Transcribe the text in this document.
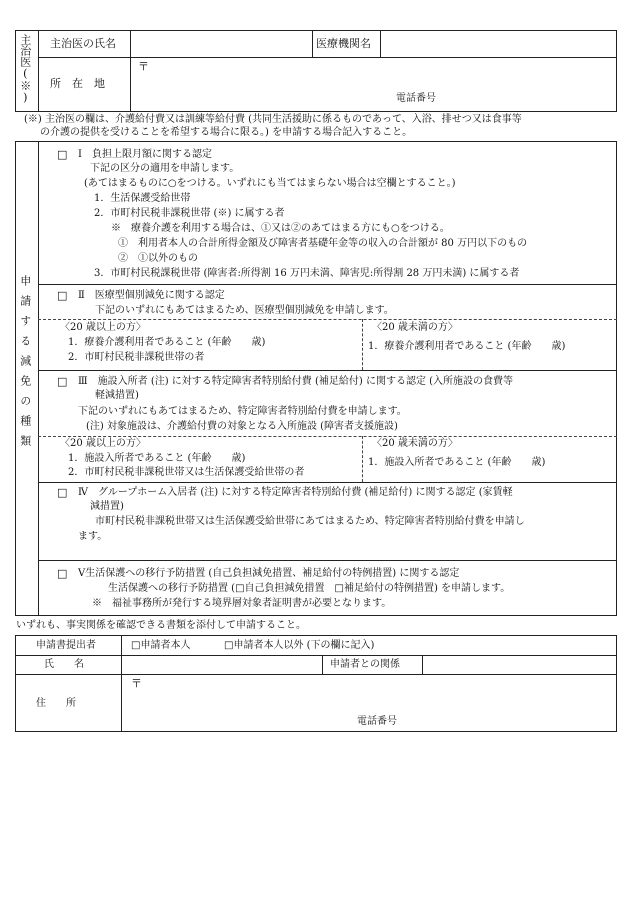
主治医(※) 主治医の氏名	医療機関名
所　在　地
〒
電話番号
(※) 主治医の欄は、介護給付費又は訓練等給付費 (共同生活援助に係るものであって、入浴、排せつ又は食事等
の介護の提供を受けることを希望する場合に限る。) を申請する場合記入すること。
申請する減免の種類
□ Ⅰ　負担上限月額に関する認定
下記の区分の適用を申請します。
(あてはまるものに○をつける。いずれにも当てはまらない場合は空欄とすること。)
1．生活保護受給世帯
2．市町村民税非課税世帯 (※) に属する者
※　療養介護を利用する場合は、①又は②のあてはまる方にも○をつける。
①　利用者本人の合計所得金額及び障害者基礎年金等の収入の合計額が 80 万円以下のもの
②　①以外のもの
3．市町村民税課税世帯 (障害者:所得割 16 万円未満、障害児:所得割 28 万円未満) に属する者
□ Ⅱ　医療型個別減免に関する認定
下記のいずれにもあてはまるため、医療型個別減免を申請します。
〈20 歳以上の方〉
1．療養介護利用者であること (年齢　　歳)
2．市町村民税非課税世帯の者
〈20 歳未満の方〉
1．療養介護利用者であること (年齢　　歳)
□ Ⅲ　施設入所者 (注) に対する特定障害者特別給付費 (補足給付) に関する認定 (入所施設の食費等
軽減措置)
下記のいずれにもあてはまるため、特定障害者特別給付費を申請します。
(注) 対象施設は、介護給付費の対象となる入所施設 (障害者支援施設)
〈20 歳以上の方〉
1．施設入所者であること (年齢　　歳)
2．市町村民税非課税世帯又は生活保護受給世帯の者
〈20 歳未満の方〉
1．施設入所者であること (年齢　　歳)
□ Ⅳ　グループホーム入居者 (注) に対する特定障害者特別給付費 (補足給付) に関する認定 (家賃軽
減措置)
市町村民税非課税世帯又は生活保護受給世帯にあてはまるため、特定障害者特別給付費を申請し
ます。
□ Ⅴ生活保護への移行予防措置 (自己負担減免措置、補足給付の特例措置) に関する認定
生活保護への移行予防措置 (□自己負担減免措置　□補足給付の特例措置) を申請します。
※　福祉事務所が発行する境界層対象者証明書が必要となります。
いずれも、事実関係を確認できる書類を添付して申請すること。
申請書提出者	□申請者本人	□申請者本人以外 (下の欄に記入)
氏　　名	申請者との関係
住　　所
〒
電話番号
